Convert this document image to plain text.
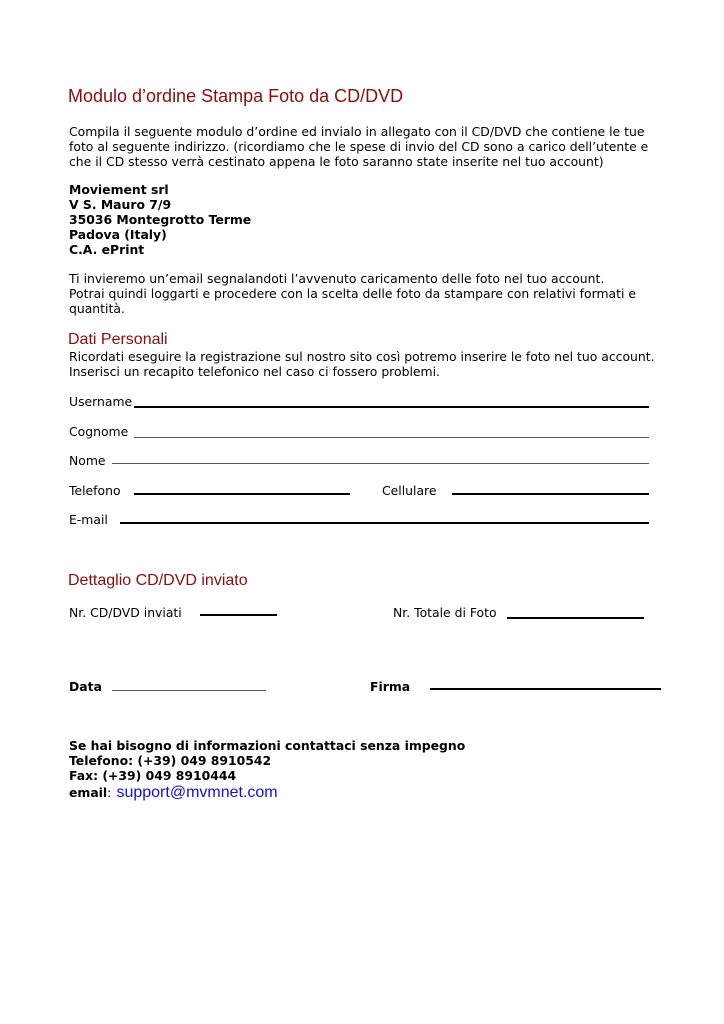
Modulo d’ordine Stampa Foto da CD/DVD
Compila il seguente modulo d’ordine ed invialo in allegato con il CD/DVD che contiene le tue
foto al seguente indirizzo. (ricordiamo che le spese di invio del CD sono a carico dell’utente e
che il CD stesso verrà cestinato appena le foto saranno state inserite nel tuo account)
Moviement srl
V S. Mauro 7/9
35036 Montegrotto Terme
Padova (Italy)
C.A. ePrint
Ti invieremo un’email segnalandoti l’avvenuto caricamento delle foto nel tuo account.
Potrai quindi loggarti e procedere con la scelta delle foto da stampare con relativi formati e
quantità.
Dati Personali
Ricordati eseguire la registrazione sul nostro sito così potremo inserire le foto nel tuo account.
Inserisci un recapito telefonico nel caso ci fossero problemi.
Username
Cognome
Nome
Telefono	Cellulare
E-mail
Dettaglio CD/DVD inviato
Nr. CD/DVD inviati	Nr. Totale di Foto
Data	Firma
Se hai bisogno di informazioni contattaci senza impegno
Telefono: (+39) 049 8910542
Fax: (+39) 049 8910444
email: support@mvmnet.com
